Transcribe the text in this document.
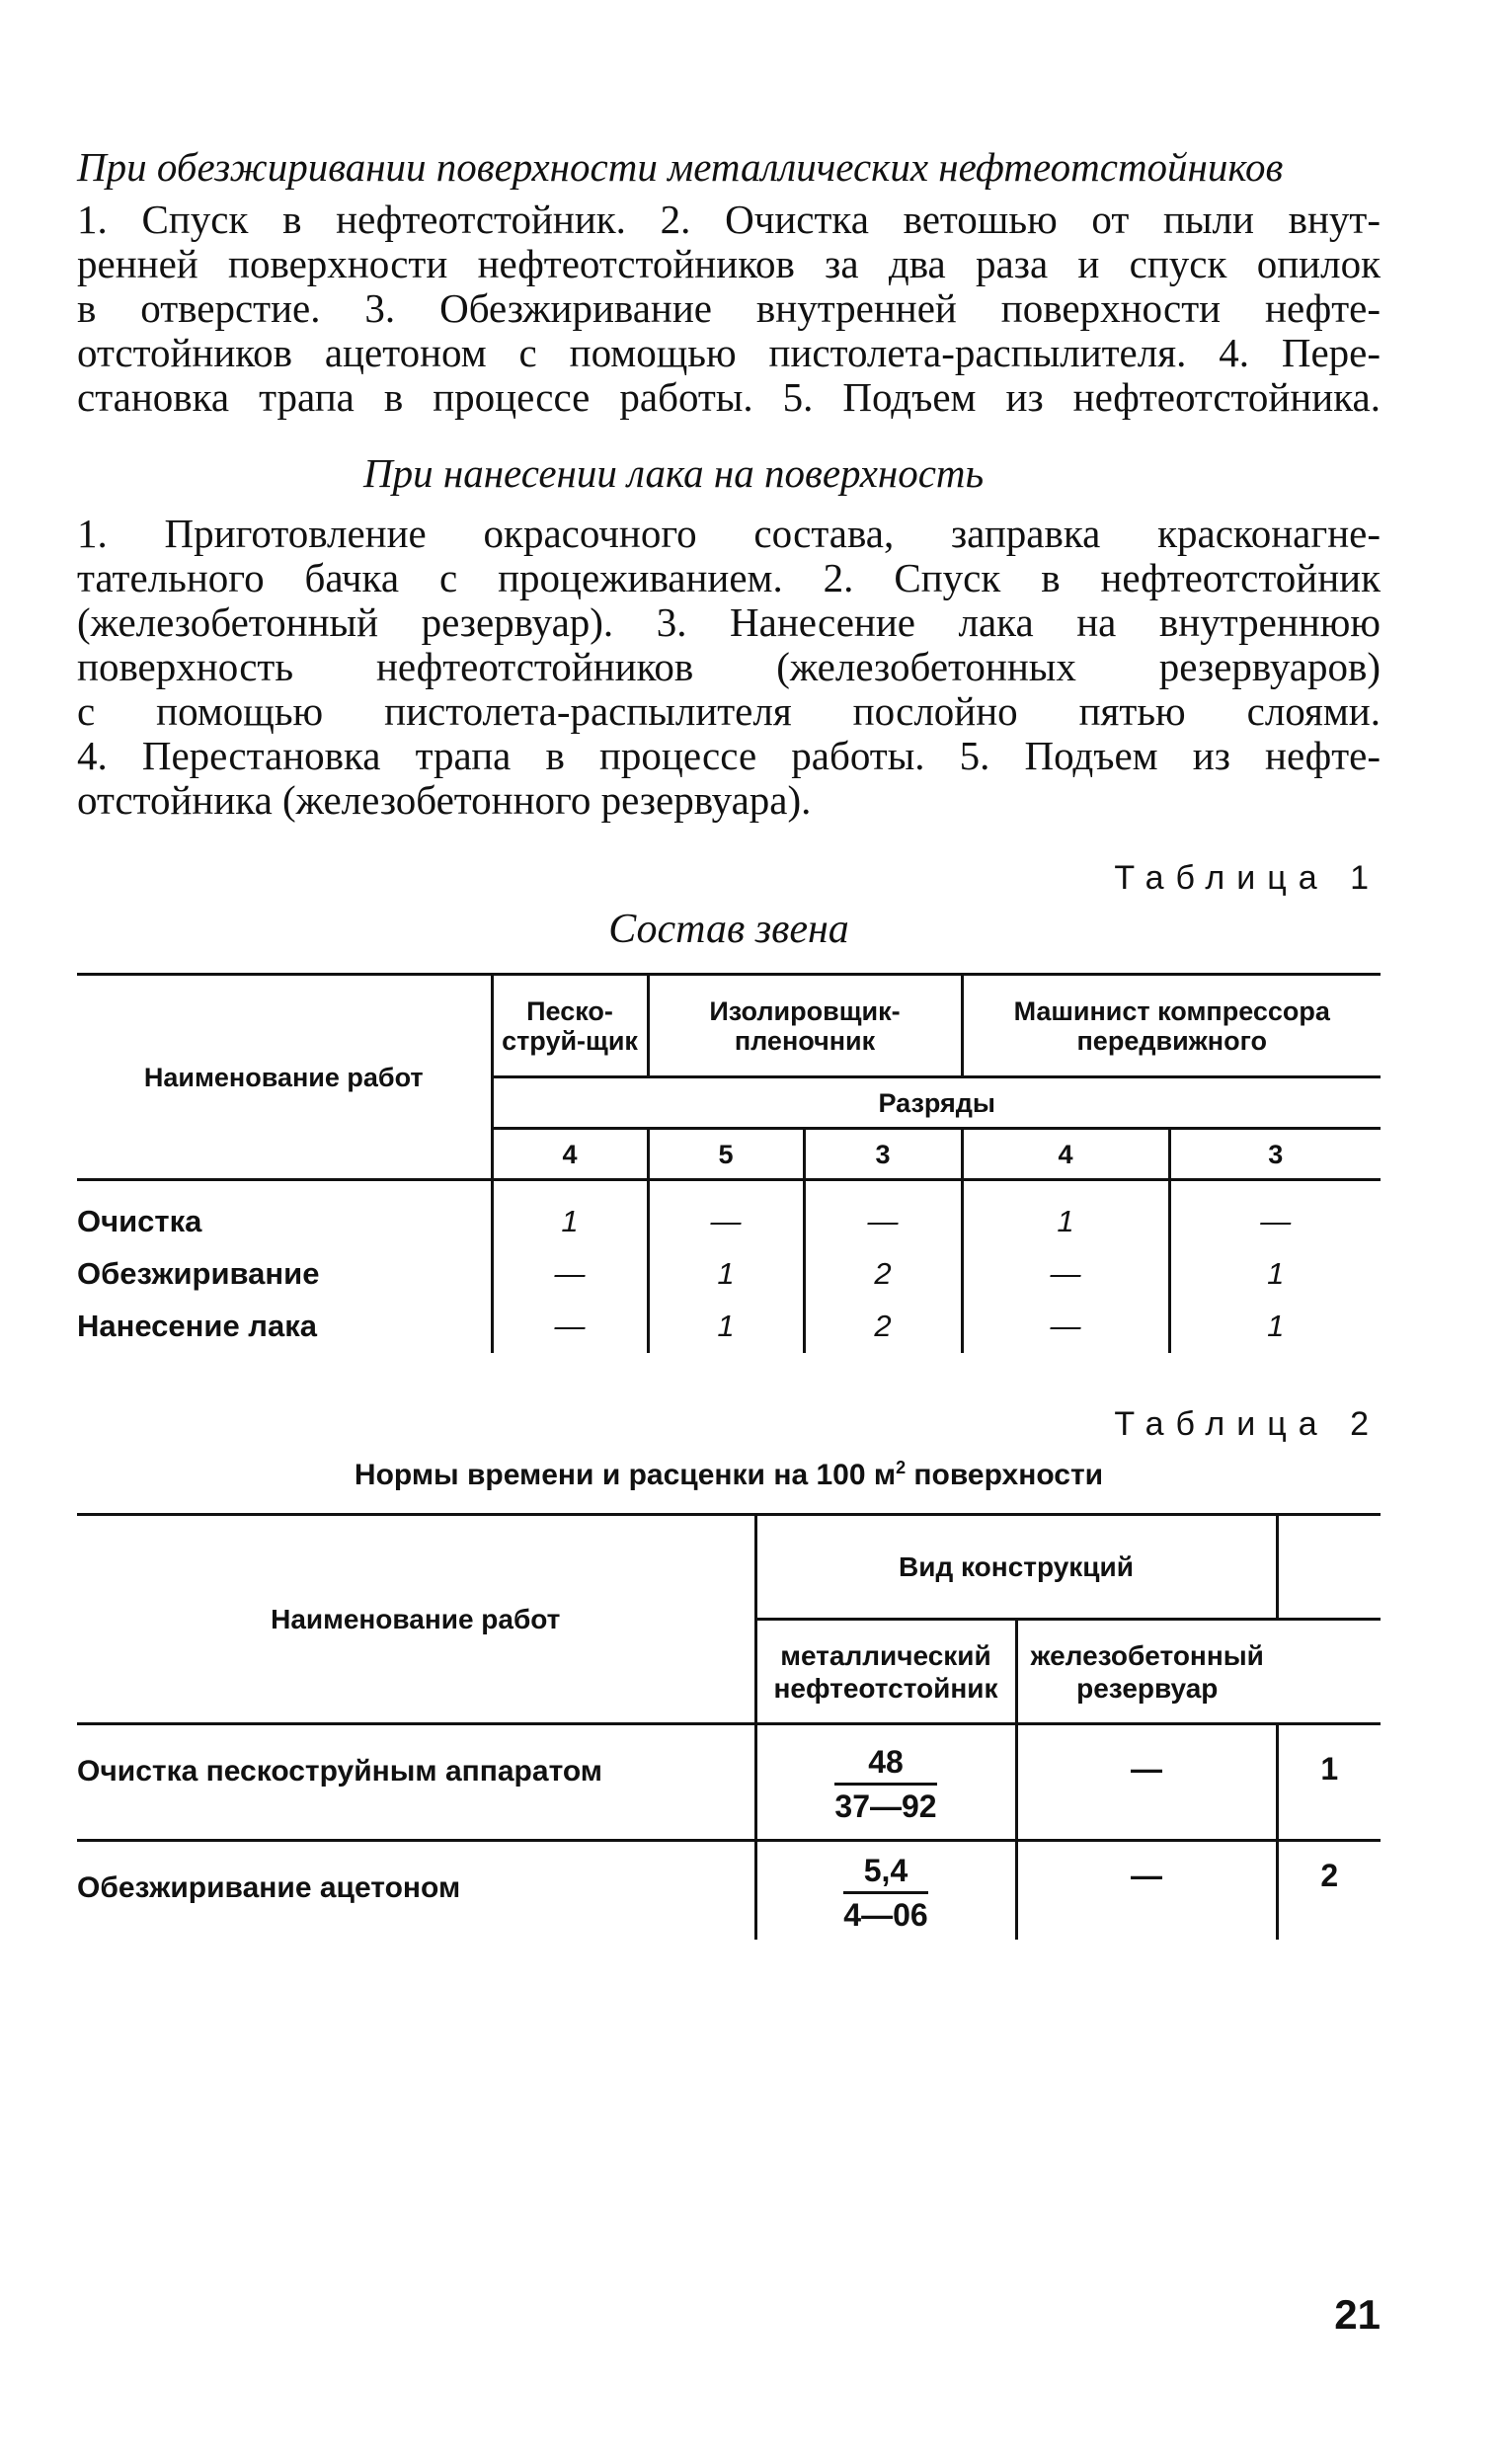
При обезжиривании поверхности металлических нефтеотстойников
1. Спуск в нефтеотстойник. 2. Очистка ветошью от пыли внут-
ренней поверхности нефтеотстойников за два раза и спуск опилок
в отверстие. 3. Обезжиривание внутренней поверхности нефте-
отстойников ацетоном с помощью пистолета-распылителя. 4. Пере-
становка трапа в процессе работы. 5. Подъем из нефтеотстойника.
При нанесении лака на поверхность
1. Приготовление окрасочного состава, заправка красконагне-
тательного бачка с процеживанием. 2. Спуск в нефтеотстойник
(железобетонный резервуар). 3. Нанесение лака на внутреннюю
поверхность нефтеотстойников (железобетонных резервуаров)
с помощью пистолета-распылителя послойно пятью слоями.
4. Перестановка трапа в процессе работы. 5. Подъем из нефте-
отстойника (железобетонного резервуара).
Таблица 1
Состав звена
Наименование работ	Песко-струй-щик	Изолировщик-пленочник		Машинист компрессора передвижного	
	Разряды				
	4	5	3	4	3

Очистка	1	—	—	1	—
Обезжиривание	—	1	2	—	1
Нанесение лака	—	1	2	—	1
Таблица 2
Нормы времени и расценки на 100 $м^2$ поверхности
Наименование работ	Вид конструкций		
	металлический нефтеотстойник	железобетонный резервуар	
Очистка пескоструйным аппаратом	$\frac{48}{37—92}$	—	1
Обезжиривание ацетоном	$\frac{5,4}{4—06}$	—	2
21
